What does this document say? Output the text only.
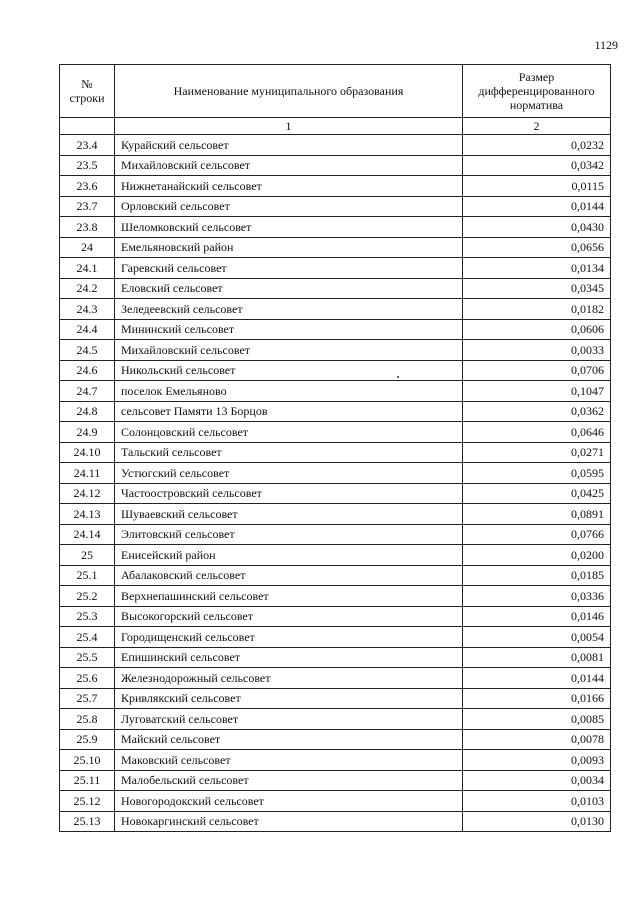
1129
№ строки	Наименование муниципального образования	Размер дифференцированного норматива
	1	2
23.4	Курайский сельсовет	0,0232
23.5	Михайловский сельсовет	0,0342
23.6	Нижнетанайский сельсовет	0,0115
23.7	Орловский сельсовет	0,0144
23.8	Шеломковский сельсовет	0,0430
24	Емельяновский район	0,0656
24.1	Гаревский сельсовет	0,0134
24.2	Еловский сельсовет	0,0345
24.3	Зеледеевский сельсовет	0,0182
24.4	Мининский сельсовет	0,0606
24.5	Михайловский сельсовет	0,0033
24.6	Никольский сельсовет	0,0706
24.7	поселок Емельяново	0,1047
24.8	сельсовет Памяти 13 Борцов	0,0362
24.9	Солонцовский сельсовет	0,0646
24.10	Тальский сельсовет	0,0271
24.11	Устюгский сельсовет	0,0595
24.12	Частоостровский сельсовет	0,0425
24.13	Шуваевский сельсовет	0,0891
24.14	Элитовский сельсовет	0,0766
25	Енисейский район	0,0200
25.1	Абалаковский сельсовет	0,0185
25.2	Верхнепашинский сельсовет	0,0336
25.3	Высокогорский сельсовет	0,0146
25.4	Городищенский сельсовет	0,0054
25.5	Епишинский сельсовет	0,0081
25.6	Железнодорожный сельсовет	0,0144
25.7	Кривлякский сельсовет	0,0166
25.8	Луговатский сельсовет	0,0085
25.9	Майский сельсовет	0,0078
25.10	Маковский сельсовет	0,0093
25.11	Малобельский сельсовет	0,0034
25.12	Новогородокский сельсовет	0,0103
25.13	Новокаргинский сельсовет	0,0130
